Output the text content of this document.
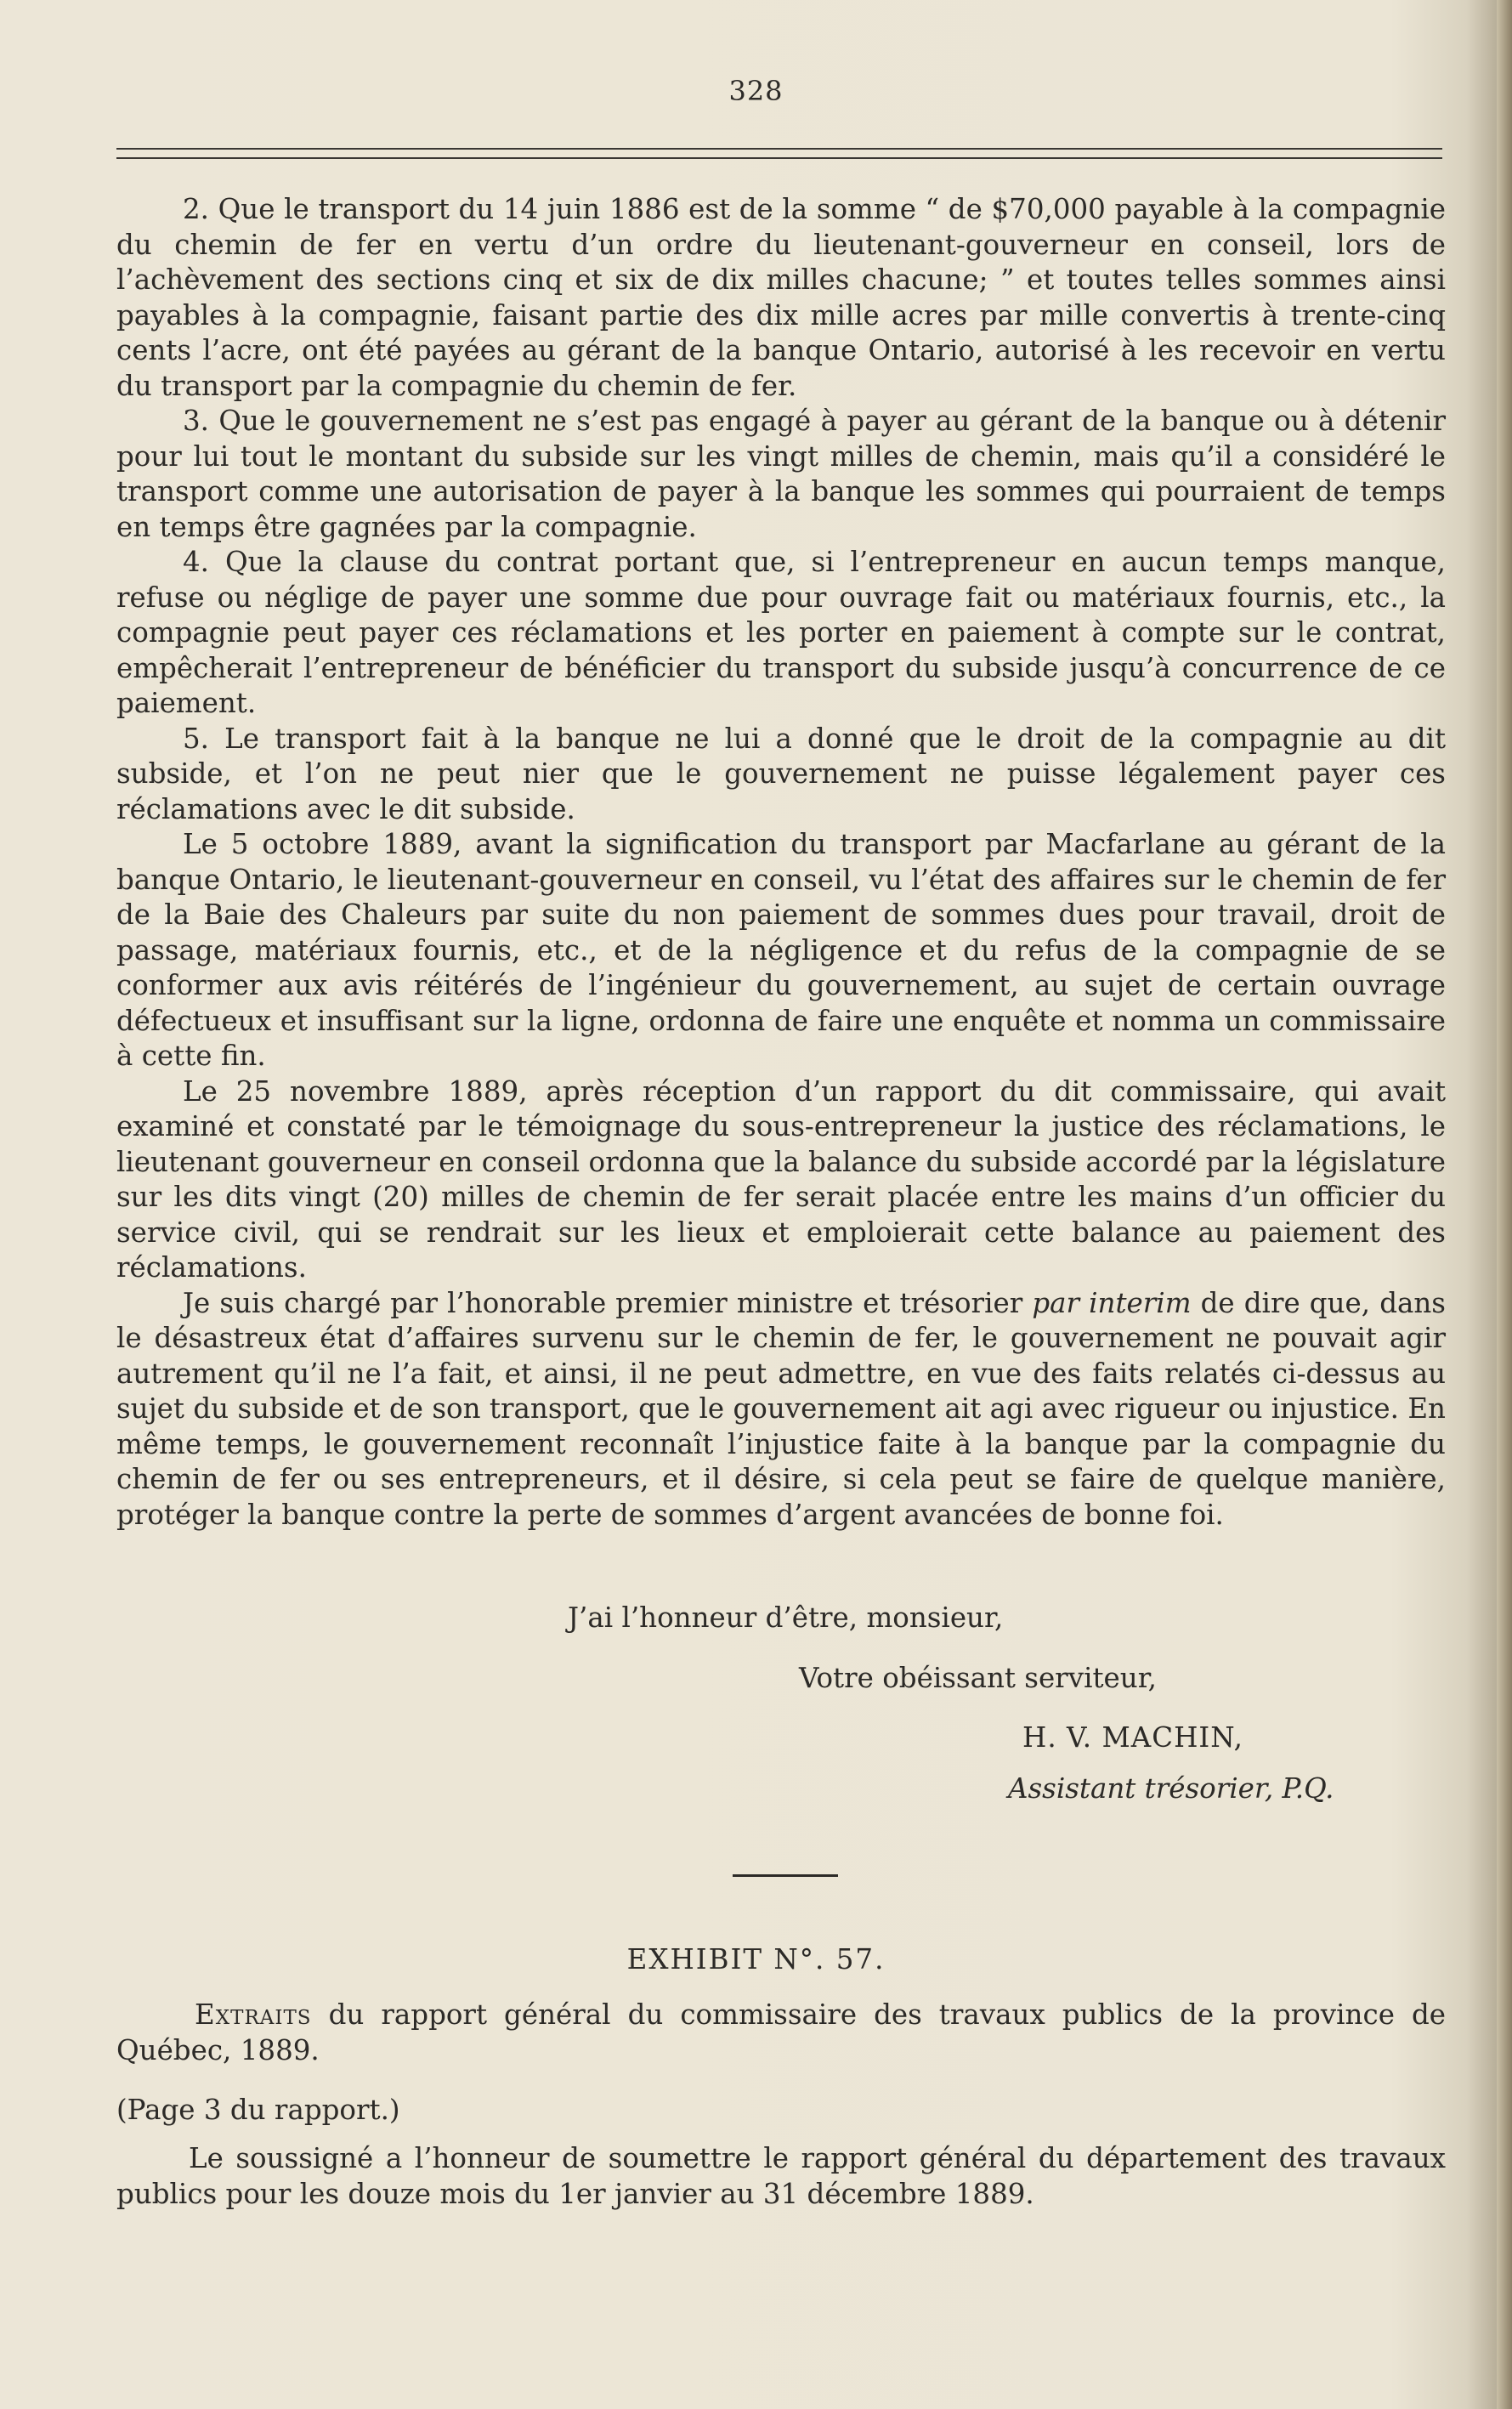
328

2. Que le transport du 14 juin 1886 est de la somme “ de $70,000 payable à la compagnie du chemin de fer en vertu d’un ordre du lieutenant-gouverneur en conseil, lors de l’achèvement des sections cinq et six de dix milles chacune; ” et toutes telles sommes ainsi payables à la compagnie, faisant partie des dix mille acres par mille convertis à trente-cinq cents l’acre, ont été payées au gérant de la banque Ontario, autorisé à les recevoir en vertu du transport par la compagnie du chemin de fer.

3. Que le gouvernement ne s’est pas engagé à payer au gérant de la banque ou à détenir pour lui tout le montant du subside sur les vingt milles de chemin, mais qu’il a considéré le transport comme une autorisation de payer à la banque les sommes qui pourraient de temps en temps être gagnées par la compagnie.

4. Que la clause du contrat portant que, si l’entrepreneur en aucun temps manque, refuse ou néglige de payer une somme due pour ouvrage fait ou matériaux fournis, etc., la compagnie peut payer ces réclamations et les porter en paiement à compte sur le contrat, empêcherait l’entrepreneur de bénéficier du transport du subside jusqu’à concurrence de ce paiement.

5. Le transport fait à la banque ne lui a donné que le droit de la compagnie au dit subside, et l’on ne peut nier que le gouvernement ne puisse légalement payer ces réclamations avec le dit subside.

Le 5 octobre 1889, avant la signification du transport par Macfarlane au gérant de la banque Ontario, le lieutenant-gouverneur en conseil, vu l’état des affaires sur le chemin de fer de la Baie des Chaleurs par suite du non paiement de sommes dues pour travail, droit de passage, matériaux fournis, etc., et de la négligence et du refus de la compagnie de se conformer aux avis réitérés de l’ingénieur du gouvernement, au sujet de certain ouvrage défectueux et insuffisant sur la ligne, ordonna de faire une enquête et nomma un commissaire à cette fin.

Le 25 novembre 1889, après réception d’un rapport du dit commissaire, qui avait examiné et constaté par le témoignage du sous-entrepreneur la justice des réclamations, le lieutenant gouverneur en conseil ordonna que la balance du subside accordé par la législature sur les dits vingt (20) milles de chemin de fer serait placée entre les mains d’un officier du service civil, qui se rendrait sur les lieux et emploierait cette balance au paiement des réclamations.

Je suis chargé par l’honorable premier ministre et trésorier par interim de dire que, dans le désastreux état d’affaires survenu sur le chemin de fer, le gouvernement ne pouvait agir autrement qu’il ne l’a fait, et ainsi, il ne peut admettre, en vue des faits relatés ci-dessus au sujet du subside et de son transport, que le gouvernement ait agi avec rigueur ou injustice. En même temps, le gouvernement reconnaît l’injustice faite à la banque par la compagnie du chemin de fer ou ses entrepreneurs, et il désire, si cela peut se faire de quelque manière, protéger la banque contre la perte de sommes d’argent avancées de bonne foi.

J’ai l’honneur d’être, monsieur,
Votre obéissant serviteur,
H. V. MACHIN,
Assistant trésorier, P.Q.
EXHIBIT N°. 57.

Extraits du rapport général du commissaire des travaux publics de la province de Québec, 1889.

(Page 3 du rapport.)

Le soussigné a l’honneur de soumettre le rapport général du département des travaux publics pour les douze mois du 1er janvier au 31 décembre 1889.
